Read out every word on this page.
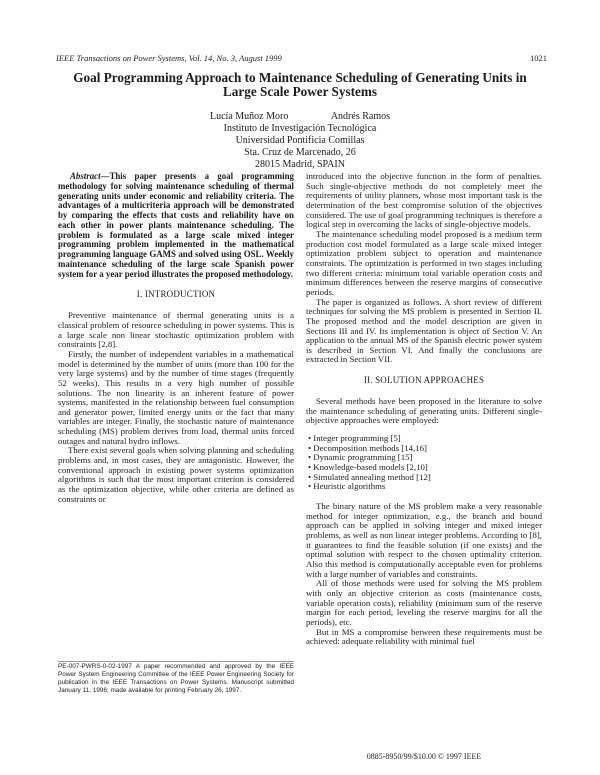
IEEE Transactions on Power Systems, Vol. 14, No. 3, August 1999	1021
Goal Programming Approach to Maintenance Scheduling of Generating Units in Large Scale Power Systems
Lucía Muñoz Moro	Andrés Ramos
Instituto de Investigación Tecnológica
Universidad Pontificia Comillas
Sta. Cruz de Marcenado, 26
28015 Madrid, SPAIN

Abstract—This paper presents a goal programming methodology for solving maintenance scheduling of thermal generating units under economic and reliability criteria. The advantages of a multicriteria approach will be demonstrated by comparing the effects that costs and reliability have on each other in power plants maintenance scheduling. The problem is formulated as a large scale mixed integer programming problem implemented in the mathematical programming language GAMS and solved using OSL. Weekly maintenance scheduling of the large scale Spanish power system for a year period illustrates the proposed methodology.

I. INTRODUCTION

Preventive maintenance of thermal generating units is a classical problem of resource scheduling in power systems. This is a large scale non linear stochastic optimization problem with constraints [2,8].

Firstly, the number of independent variables in a mathematical model is determined by the number of units (more than 100 for the very large systems) and by the number of time stages (frequently 52 weeks). This results in a very high number of possible solutions. The non linearity is an inherent feature of power systems, manifested in the relationship between fuel consumption and generator power, limited energy units or the fact that many variables are integer. Finally, the stochastic nature of maintenance scheduling (MS) problem derives from load, thermal units forced outages and natural hydro inflows.

There exist several goals when solving planning and scheduling problems and, in most cases, they are antagonistic. However, the conventional approach in existing power systems optimization algorithms is such that the most important criterion is considered as the optimization objective, while other criteria are defined as constraints or

introduced into the objective function in the form of penalties. Such single-objective methods do not completely meet the requirements of utility planners, whose most important task is the determination of the best compromise solution of the objectives considered. The use of goal programming techniques is therefore a logical step in overcoming the lacks of single-objective models.

The maintenance scheduling model proposed is a medium term production cost model formulated as a large scale mixed integer optimization problem subject to operation and maintenance constraints. The optimization is performed in two stages including two different criteria: minimum total variable operation costs and minimum differences between the reserve margins of consecutive periods.

The paper is organized as follows. A short review of different techniques for solving the MS problem is presented in Section II. The proposed method and the model description are given in Sections III and IV. Its implementation is object of Section V. An application to the annual MS of the Spanish electric power system is described in Section VI. And finally the conclusions are extracted in Section VII.

II. SOLUTION APPROACHES

Several methods have been proposed in the literature to solve the maintenance scheduling of generating units. Different single-objective approaches were employed:

• Integer programming [5]
• Decomposition methods [14,16]
• Dynamic programming [15]
• Knowledge-based models [2,10]
• Simulated annealing method [12]
• Heuristic algorithms

The binary nature of the MS problem make a very reasonable method for integer optimization, e.g., the branch and bound approach can be applied in solving integer and mixed integer problems, as well as non linear integer problems. According to [8], it guarantees to find the feasible solution (if one exists) and the optimal solution with respect to the chosen optimality criterion. Also this method is computationally acceptable even for problems with a large number of variables and constraints.

All of those methods were used for solving the MS problem with only an objective criterion as costs (maintenance costs, variable operation costs), reliability (minimum sum of the reserve margin for each period, leveling the reserve margins for all the periods), etc.

But in MS a compromise between these requirements must be achieved: adequate reliability with minimal fuel

PE-007-PWRS-0-02-1997 A paper recommended and approved by the IEEE Power System Engineering Committee of the IEEE Power Engineering Society for publication in the IEEE Transactions on Power Systems. Manuscript submitted January 11, 1996; made available for printing February 26, 1997.
0885-8950/99/$10.00 © 1997 IEEE
